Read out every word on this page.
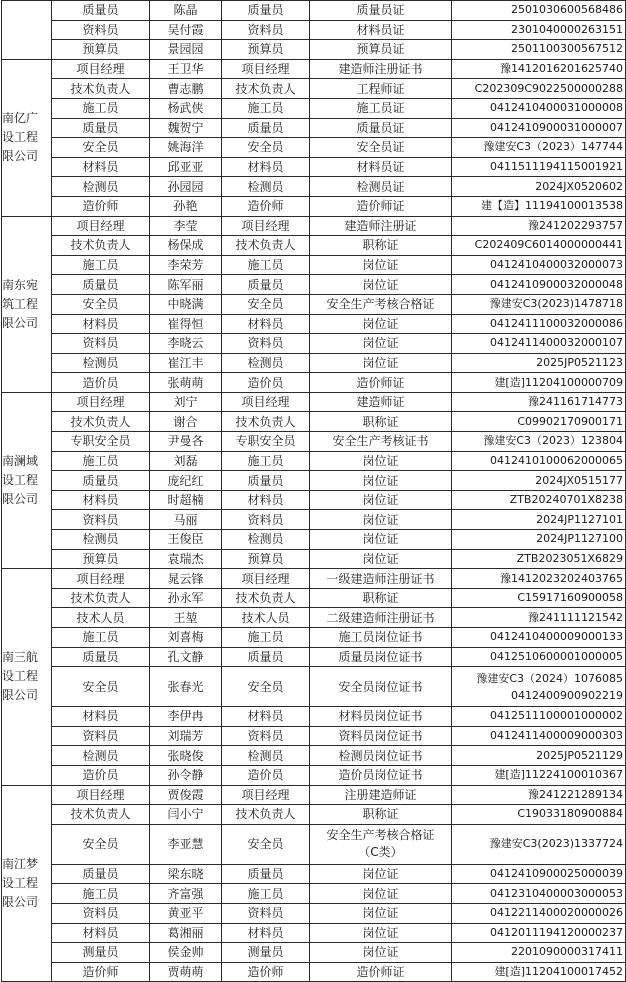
	质量员	陈晶	质量员	质量员证	2501030600568486
	资料员	吴付霞	资料员	材料员证	2301040000263151
	预算员	景园园	预算员	预算员证	2501100300567512

南亿广
设工程
限公司	项目经理	王卫华	项目经理	建造师注册证书	豫1412016201625740
	技术负责人	曹志鹏	技术负责人	工程师证	C202309C9022500000288
	施工员	杨武侠	施工员	施工员证	0412410400031000008
	质量员	魏贺宁	质量员	质量员证	0412410900031000007
	安全员	姚海洋	安全员	安全员证	豫建安C3（2023）147744
	材料员	邱亚亚	材料员	材料员证	0411511194115001921
	检测员	孙园园	检测员	检测员证	2024JX0520602
	造价师	孙艳	造价师	造价师证	建【造】11194100013538

南东宛
筑工程
限公司	项目经理	李莹	项目经理	建造师注册证	豫241202293757
	技术负责人	杨保成	技术负责人	职称证	C202409C6014000000441
	施工员	李荣芳	施工员	岗位证	0412410400032000073
	质量员	陈军丽	质量员	岗位证	0412410900032000048
	安全员	中晓满	安全员	安全生产考核合格证	豫建安C3(2023)1478718
	材料员	崔得恒	材料员	岗位证	0412411100032000086
	资料员	李晓云	资料员	岗位证	0412411400032000107
	检测员	崔江丰	检测员	岗位证	2025JP0521123
	造价员	张萌萌	造价员	造价师证	建[造]11204100000709

南澜域
设工程
限公司	项目经理	刘宁	项目经理	建造师证	豫241161714773
	技术负责人	谢合	技术负责人	职称证	C09902170900171
	专职安全员	尹曼各	专职安全员	安全生产考核证书	豫建安C3（2023）123804
	施工员	刘磊	施工员	岗位证	0412410100062000065
	质量员	庞纪红	质量员	岗位证	2024JX0515177
	材料员	时超楠	材料员	岗位证	ZTB20240701X8238
	资料员	马丽	资料员	岗位证	2024JP1127101
	检测员	王俊臣	检测员	岗位证	2024JP1127100
	预算员	袁瑞杰	预算员	岗位证	ZTB2023051X6829

南三航
设工程
限公司	项目经理	晁云锋	项目经理	一级建造师注册证书	豫1412023202403765
	技术负责人	孙永军	技术负责人	职称证	C15917160900058
	技术人员	王堃	技术人员	二级建造师注册证书	豫241111121542
	施工员	刘喜梅	施工员	施工员岗位证书	0412410400009000133
	质量员	孔文静	质量员	质量员岗位证书	0412510600001000005
	安全员	张春光	安全员	安全员岗位证书	豫建安C3（2024）1076085
0412400900902219

	材料员	李伊冉	材料员	材料员岗位证书	0412511100001000002
	资料员	刘瑞芳	资料员	资料员岗位证书	0412411400009000303
	检测员	张晓俊	检测员	检测员岗位证书	2025JP0521129
	造价员	孙令静	造价员	造价员岗位证书	建[造]11224100010367

南江梦
设工程
限公司	项目经理	贾俊霞	项目经理	注册建造师证	豫241221289134
	技术负责人	闫小宁	技术负责人	职称证	C19033180900884
	安全员	李亚慧	安全员	安全生产考核合格证
（C类）	豫建安C3(2023)1337724
	质量员	梁东晓	质量员	岗位证	0412410900025000039
	施工员	齐富强	施工员	岗位证	0412310400003000053
	资料员	黄亚平	资料员	岗位证	0412211400020000026
	材料员	葛湘丽	材料员	岗位证	0412011194120000237
	测量员	侯金帅	测量员	岗位证	2201090000317411
	造价师	贾萌萌	造价师	造价师证	建[造]11204100017452
